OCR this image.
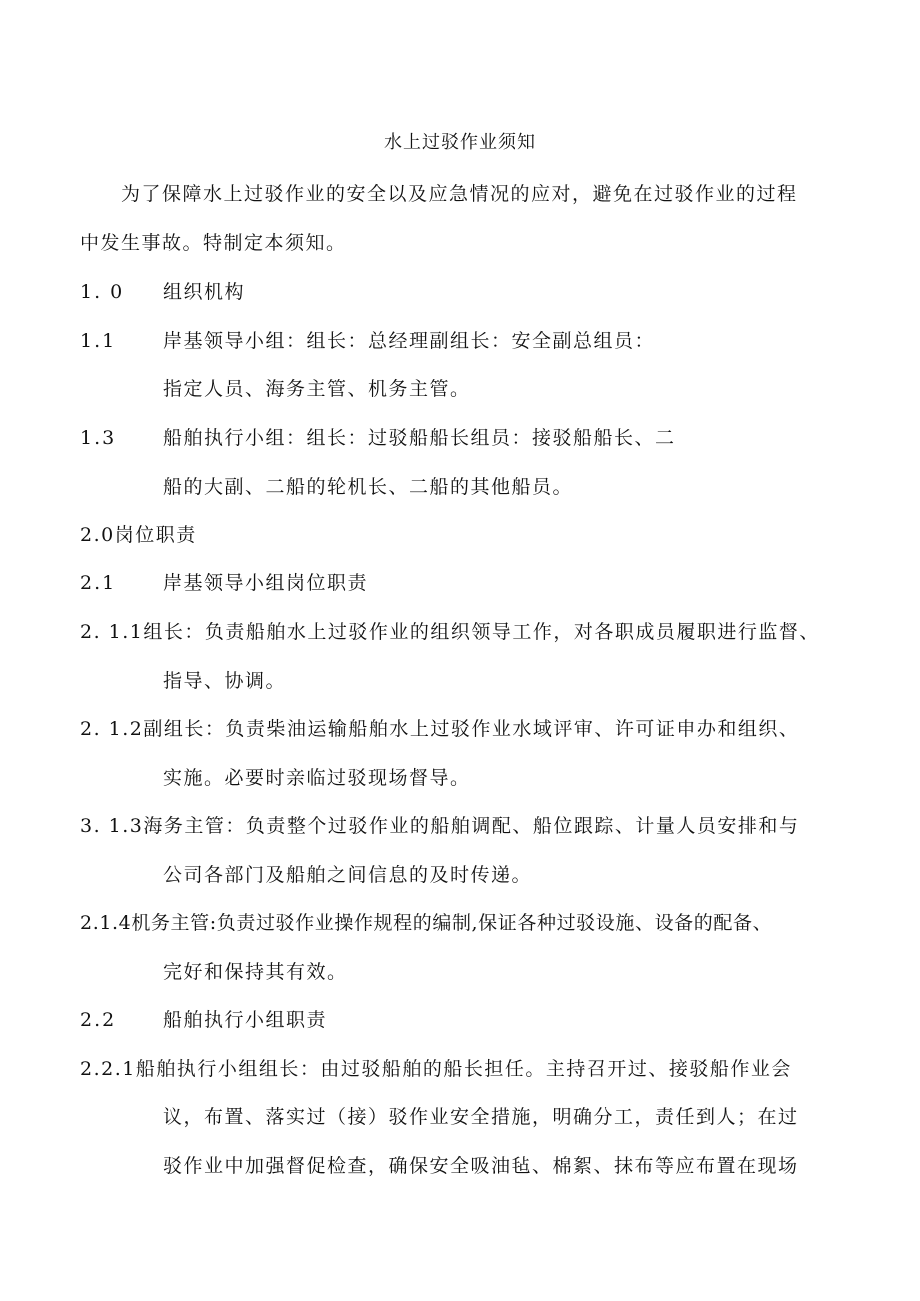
水上过驳作业须知
为了保障水上过驳作业的安全以及应急情况的应对，避免在过驳作业的过程
中发生事故。特制定本须知。
1. 0 组织机构
1.1 岸基领导小组：组长：总经理副组长：安全副总组员：
指定人员、海务主管、机务主管。
1.3 船舶执行小组：组长：过驳船船长组员：接驳船船长、二
船的大副、二船的轮机长、二船的其他船员。
2.0岗位职责
2.1 岸基领导小组岗位职责
2. 1.1组长：负责船舶水上过驳作业的组织领导工作，对各职成员履职进行监督、
指导、协调。
2. 1.2副组长：负责柴油运输船舶水上过驳作业水域评审、许可证申办和组织、
实施。必要时亲临过驳现场督导。
3. 1.3海务主管：负责整个过驳作业的船舶调配、船位跟踪、计量人员安排和与
公司各部门及船舶之间信息的及时传递。
2.1.4机务主管:负责过驳作业操作规程的编制,保证各种过驳设施、设备的配备、
完好和保持其有效。
2.2 船舶执行小组职责
2.2.1船舶执行小组组长：由过驳船舶的船长担任。主持召开过、接驳船作业会
议，布置、落实过（接）驳作业安全措施，明确分工，责任到人；在过
驳作业中加强督促检查，确保安全吸油毡、棉絮、抹布等应布置在现场
